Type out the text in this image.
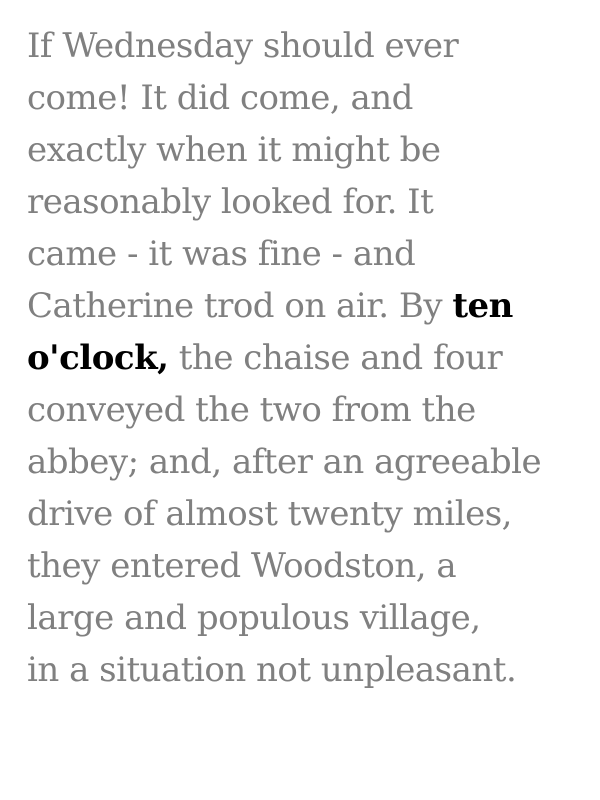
If Wednesday should ever
come! It did come, and
exactly when it might be
reasonably looked for. It
came - it was fine - and
Catherine trod on air. By ten
o'clock, the chaise and four
conveyed the two from the
abbey; and, after an agreeable
drive of almost twenty miles,
they entered Woodston, a
large and populous village,
in a situation not unpleasant.
